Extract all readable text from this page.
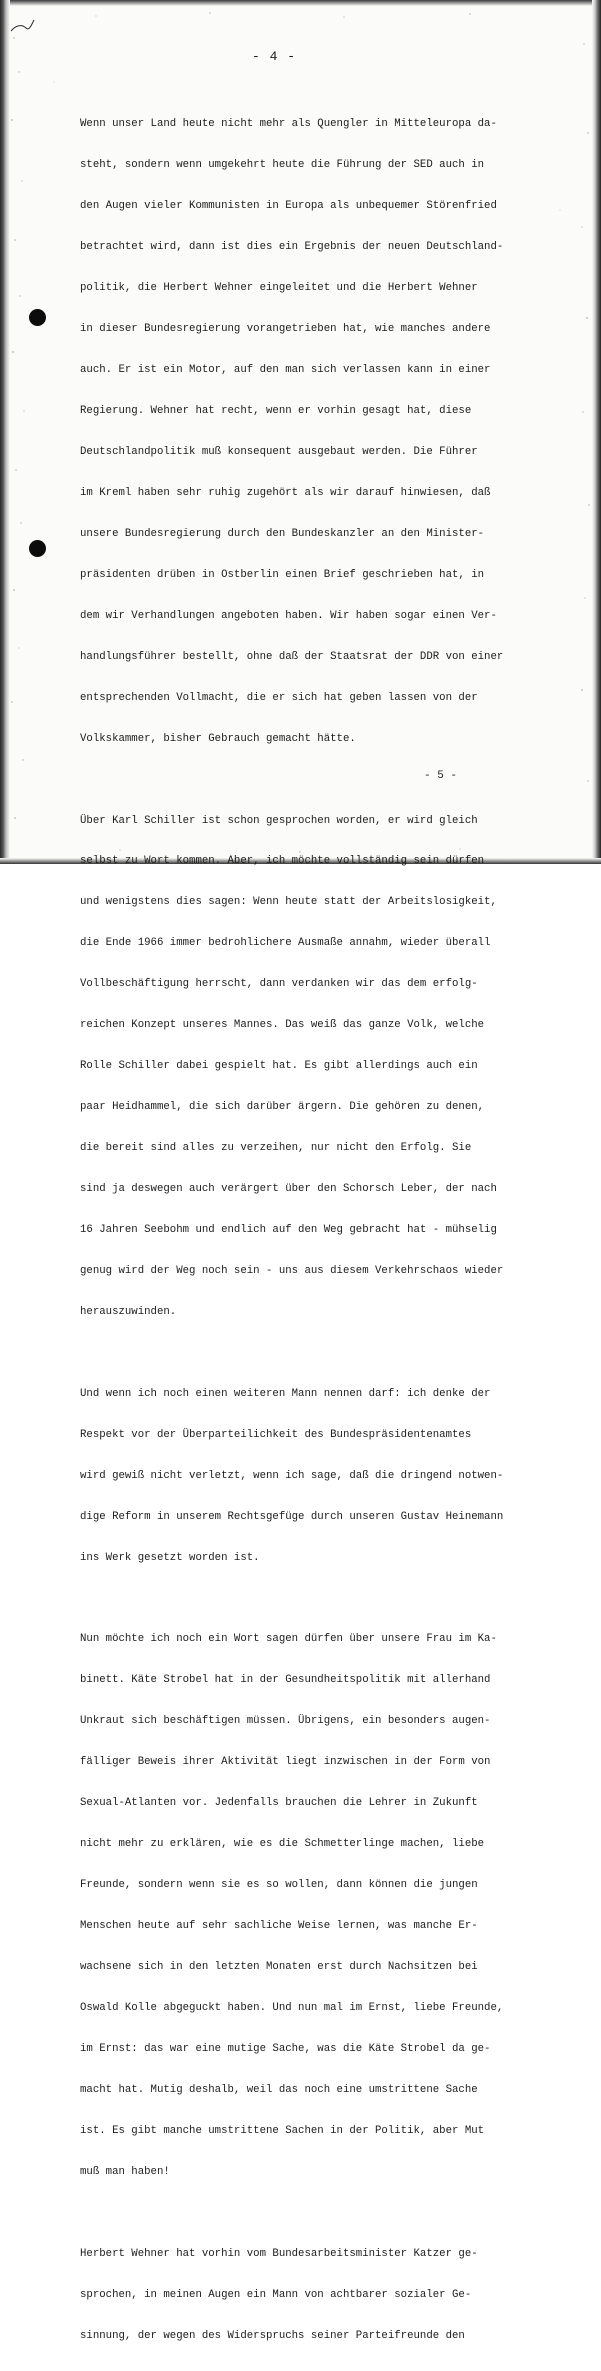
- 4 -

Wenn unser Land heute nicht mehr als Quengler in Mitteleuropa da-

steht, sondern wenn umgekehrt heute die Führung der SED auch in

den Augen vieler Kommunisten in Europa als unbequemer Störenfried

betrachtet wird, dann ist dies ein Ergebnis der neuen Deutschland-

politik, die Herbert Wehner eingeleitet und die Herbert Wehner

in dieser Bundesregierung vorangetrieben hat, wie manches andere

auch. Er ist ein Motor, auf den man sich verlassen kann in einer

Regierung. Wehner hat recht, wenn er vorhin gesagt hat, diese

Deutschlandpolitik muß konsequent ausgebaut werden. Die Führer

im Kreml haben sehr ruhig zugehört als wir darauf hinwiesen, daß

unsere Bundesregierung durch den Bundeskanzler an den Minister-

präsidenten drüben in Ostberlin einen Brief geschrieben hat, in

dem wir Verhandlungen angeboten haben. Wir haben sogar einen Ver-

handlungsführer bestellt, ohne daß der Staatsrat der DDR von einer

entsprechenden Vollmacht, die er sich hat geben lassen von der

Volkskammer, bisher Gebrauch gemacht hätte.

Über Karl Schiller ist schon gesprochen worden, er wird gleich

selbst zu Wort kommen. Aber, ich möchte vollständig sein dürfen

und wenigstens dies sagen: Wenn heute statt der Arbeitslosigkeit,

die Ende 1966 immer bedrohlichere Ausmaße annahm, wieder überall

Vollbeschäftigung herrscht, dann verdanken wir das dem erfolg-

reichen Konzept unseres Mannes. Das weiß das ganze Volk, welche

Rolle Schiller dabei gespielt hat. Es gibt allerdings auch ein

paar Heidhammel, die sich darüber ärgern. Die gehören zu denen,

die bereit sind alles zu verzeihen, nur nicht den Erfolg. Sie

sind ja deswegen auch verärgert über den Schorsch Leber, der nach

16 Jahren Seebohm und endlich auf den Weg gebracht hat - mühselig

genug wird der Weg noch sein - uns aus diesem Verkehrschaos wieder

herauszuwinden.

Und wenn ich noch einen weiteren Mann nennen darf: ich denke der

Respekt vor der Überparteilichkeit des Bundespräsidentenamtes

wird gewiß nicht verletzt, wenn ich sage, daß die dringend notwen-

dige Reform in unserem Rechtsgefüge durch unseren Gustav Heinemann

ins Werk gesetzt worden ist.

Nun möchte ich noch ein Wort sagen dürfen über unsere Frau im Ka-

binett. Käte Strobel hat in der Gesundheitspolitik mit allerhand

Unkraut sich beschäftigen müssen. Übrigens, ein besonders augen-

fälliger Beweis ihrer Aktivität liegt inzwischen in der Form von

Sexual-Atlanten vor. Jedenfalls brauchen die Lehrer in Zukunft

nicht mehr zu erklären, wie es die Schmetterlinge machen, liebe

Freunde, sondern wenn sie es so wollen, dann können die jungen

Menschen heute auf sehr sachliche Weise lernen, was manche Er-

wachsene sich in den letzten Monaten erst durch Nachsitzen bei

Oswald Kolle abgeguckt haben. Und nun mal im Ernst, liebe Freunde,

im Ernst: das war eine mutige Sache, was die Käte Strobel da ge-

macht hat. Mutig deshalb, weil das noch eine umstrittene Sache

ist. Es gibt manche umstrittene Sachen in der Politik, aber Mut

muß man haben!

Herbert Wehner hat vorhin vom Bundesarbeitsminister Katzer ge-

sprochen, in meinen Augen ein Mann von achtbarer sozialer Ge-

sinnung, der wegen des Widerspruchs seiner Parteifreunde den

- 5 -
